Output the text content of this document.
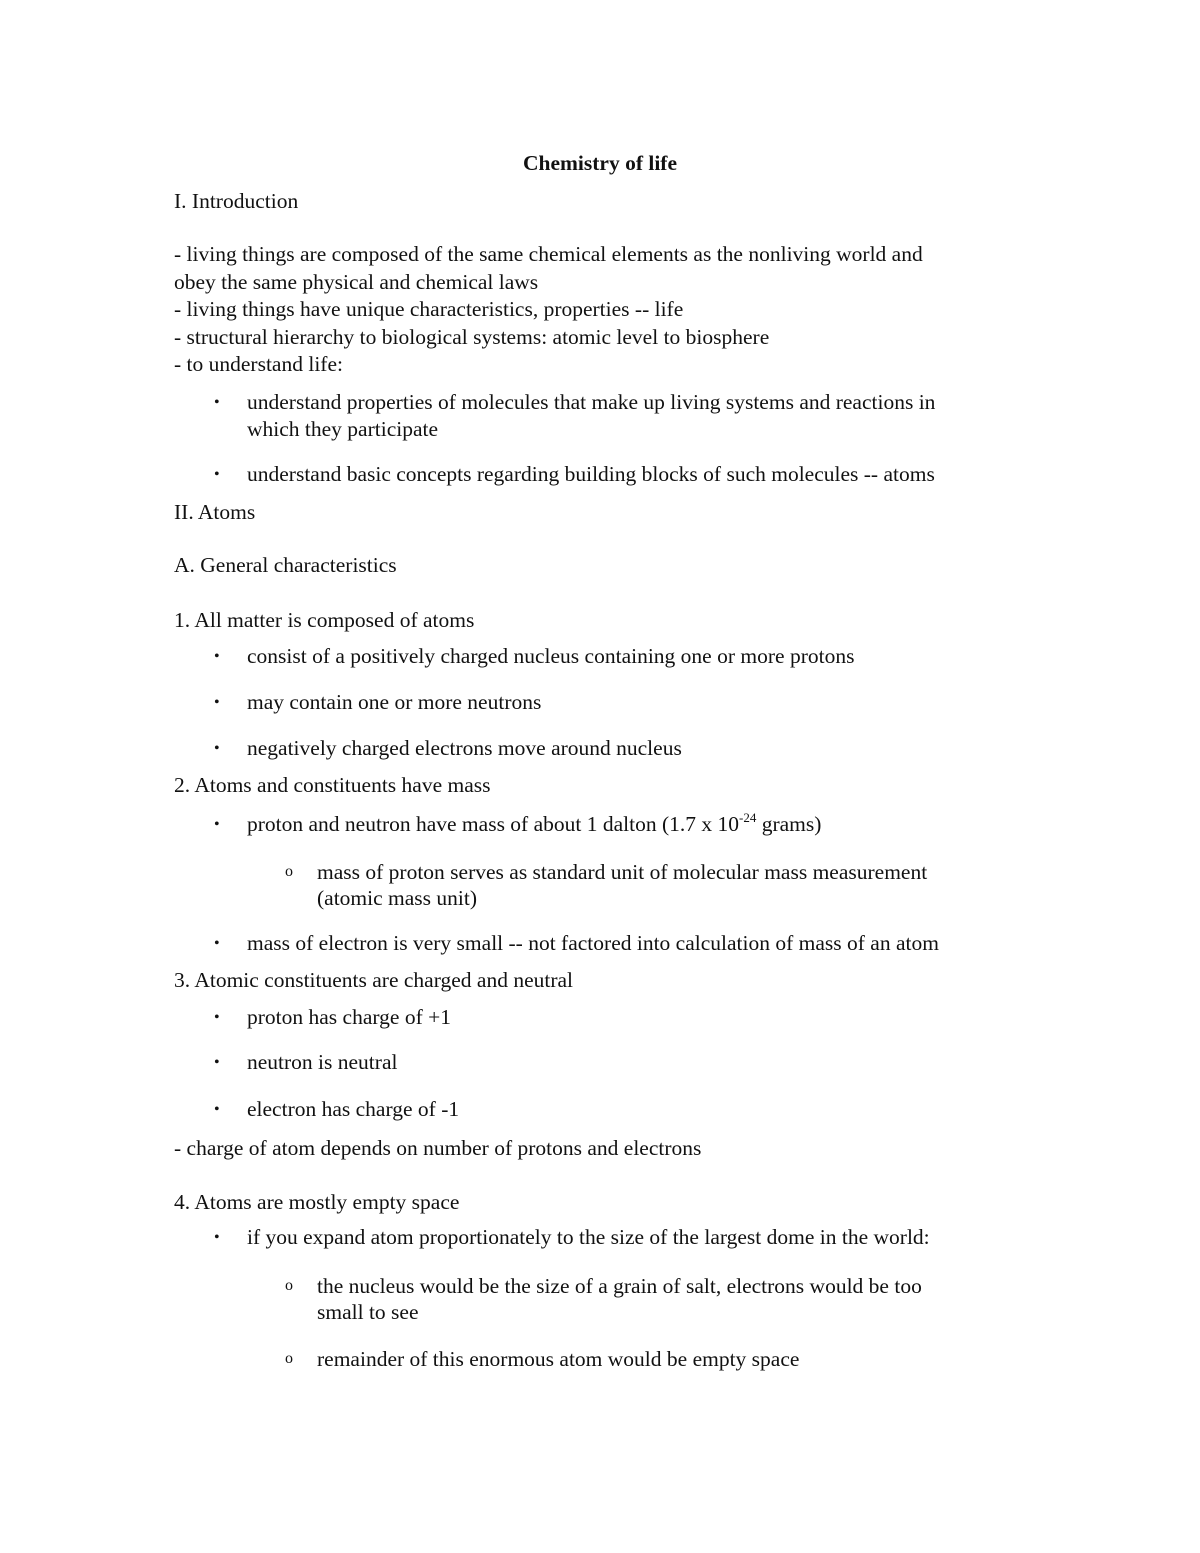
Chemistry of life
I. Introduction
- living things are composed of the same chemical elements as the nonliving world and
obey the same physical and chemical laws
- living things have unique characteristics, properties -- life
- structural hierarchy to biological systems: atomic level to biosphere
- to understand life:
• understand properties of molecules that make up living systems and reactions in
which they participate
• understand basic concepts regarding building blocks of such molecules -- atoms
II. Atoms
A. General characteristics
1. All matter is composed of atoms
• consist of a positively charged nucleus containing one or more protons
• may contain one or more neutrons
• negatively charged electrons move around nucleus
2. Atoms and constituents have mass
• proton and neutron have mass of about 1 dalton (1.7 x $10^{-24}$ grams)
o mass of proton serves as standard unit of molecular mass measurement
(atomic mass unit)
• mass of electron is very small -- not factored into calculation of mass of an atom
3. Atomic constituents are charged and neutral
• proton has charge of +1
• neutron is neutral
• electron has charge of -1
- charge of atom depends on number of protons and electrons
4. Atoms are mostly empty space
• if you expand atom proportionately to the size of the largest dome in the world:
o the nucleus would be the size of a grain of salt, electrons would be too
small to see
o remainder of this enormous atom would be empty space
